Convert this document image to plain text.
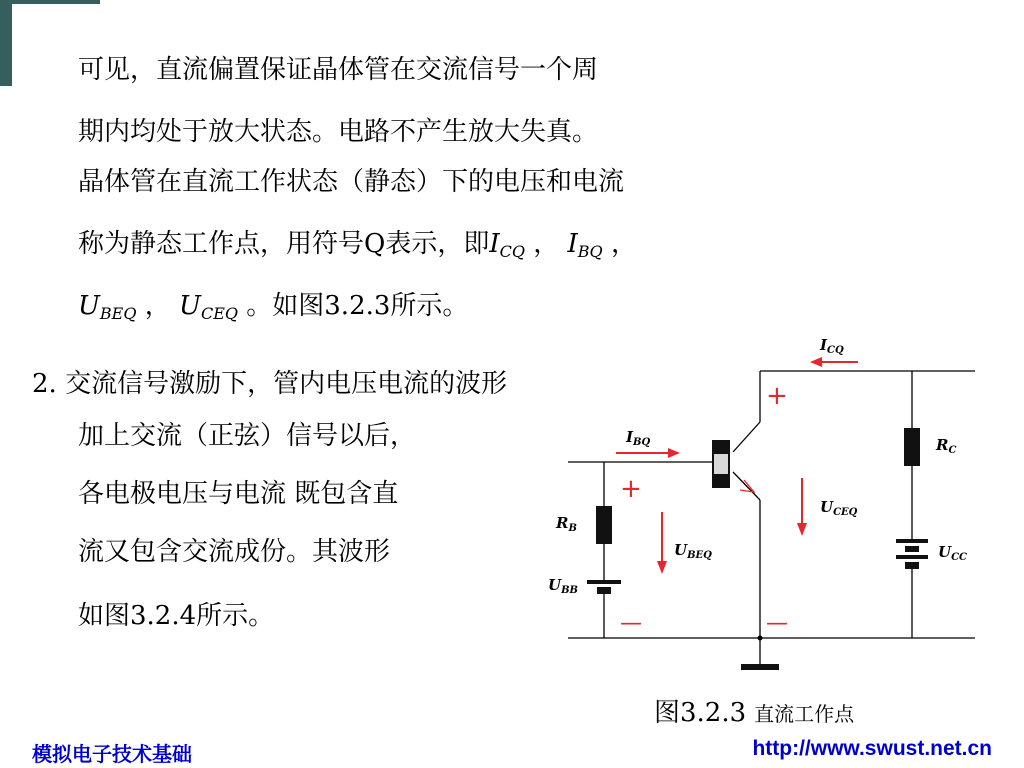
可见，直流偏置保证晶体管在交流信号一个周
期内均处于放大状态。电路不产生放大失真。
晶体管在直流工作状态（静态）下的电压和电流
称为静态工作点，用符号Q表示，即$I_{CQ}$ ， $I_{BQ}$ ，
$U_{BEQ}$ ， $U_{CEQ}$ 。如图3.2.3所示。
2. 交流信号激励下，管内电压电流的波形
加上交流（正弦）信号以后，
各电极电压与电流 既包含直
流又包含交流成份。其波形
如图3.2.4所示。
+
+
—	—
$I_{CQ}$
$I_{BQ}$	$R_C$
$R_B$
$U_{CEQ}$
$U_{BEQ}$	$U_{CC}$
$U_{BB}$
图3.2.3 直流工作点
模拟电子技术基础	http://www.swust.net.cn
